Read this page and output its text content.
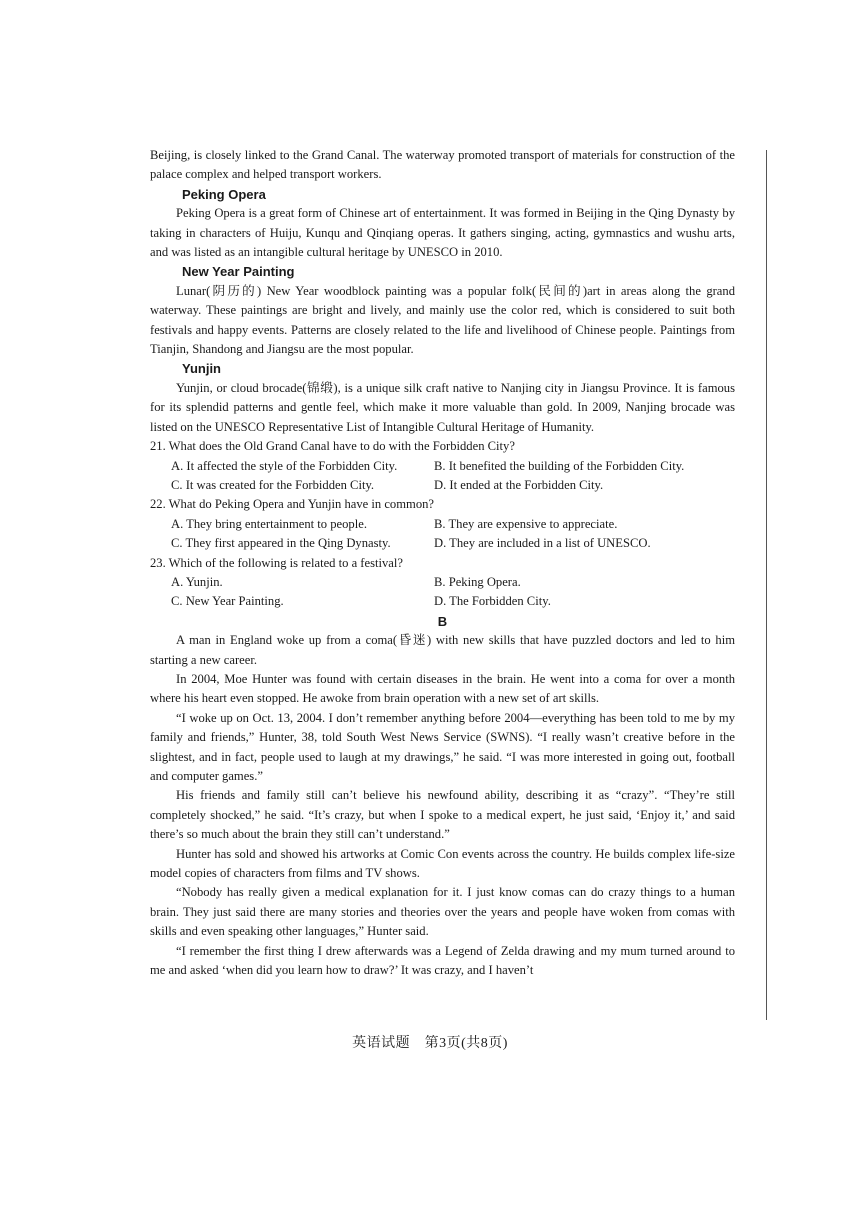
Beijing, is closely linked to the Grand Canal. The waterway promoted transport of materials for construction of the palace complex and helped transport workers.

Peking Opera

Peking Opera is a great form of Chinese art of entertainment. It was formed in Beijing in the Qing Dynasty by taking in characters of Huiju, Kunqu and Qinqiang operas. It gathers singing, acting, gymnastics and wushu arts, and was listed as an intangible cultural heritage by UNESCO in 2010.

New Year Painting

Lunar(阴历的) New Year woodblock painting was a popular folk(民间的)art in areas along the grand waterway. These paintings are bright and lively, and mainly use the color red, which is considered to suit both festivals and happy events. Patterns are closely related to the life and livelihood of Chinese people. Paintings from Tianjin, Shandong and Jiangsu are the most popular.

Yunjin

Yunjin, or cloud brocade(锦缎), is a unique silk craft native to Nanjing city in Jiangsu Province. It is famous for its splendid patterns and gentle feel, which make it more valuable than gold. In 2009, Nanjing brocade was listed on the UNESCO Representative List of Intangible Cultural Heritage of Humanity.

21. What does the Old Grand Canal have to do with the Forbidden City?

A. It affected the style of the Forbidden City.	B. It benefited the building of the Forbidden City.
C. It was created for the Forbidden City.	D. It ended at the Forbidden City.

22. What do Peking Opera and Yunjin have in common?

A. They bring entertainment to people.	B. They are expensive to appreciate.
C. They first appeared in the Qing Dynasty.	D. They are included in a list of UNESCO.

23. Which of the following is related to a festival?

A. Yunjin.	B. Peking Opera.
C. New Year Painting.	D. The Forbidden City.
B

A man in England woke up from a coma(昏迷) with new skills that have puzzled doctors and led to him starting a new career.

In 2004, Moe Hunter was found with certain diseases in the brain. He went into a coma for over a month where his heart even stopped. He awoke from brain operation with a new set of art skills.

“I woke up on Oct. 13, 2004. I don’t remember anything before 2004—everything has been told to me by my family and friends,” Hunter, 38, told South West News Service (SWNS). “I really wasn’t creative before in the slightest, and in fact, people used to laugh at my drawings,” he said. “I was more interested in going out, football and computer games.”

His friends and family still can’t believe his newfound ability, describing it as “crazy”. “They’re still completely shocked,” he said. “It’s crazy, but when I spoke to a medical expert, he just said, ‘Enjoy it,’ and said there’s so much about the brain they still can’t understand.”

Hunter has sold and showed his artworks at Comic Con events across the country. He builds complex life-size model copies of characters from films and TV shows.

“Nobody has really given a medical explanation for it. I just know comas can do crazy things to a human brain. They just said there are many stories and theories over the years and people have woken from comas with skills and even speaking other languages,” Hunter said.

“I remember the first thing I drew afterwards was a Legend of Zelda drawing and my mum turned around to me and asked ‘when did you learn how to draw?’ It was crazy, and I haven’t

英语试题　第3页(共8页)
